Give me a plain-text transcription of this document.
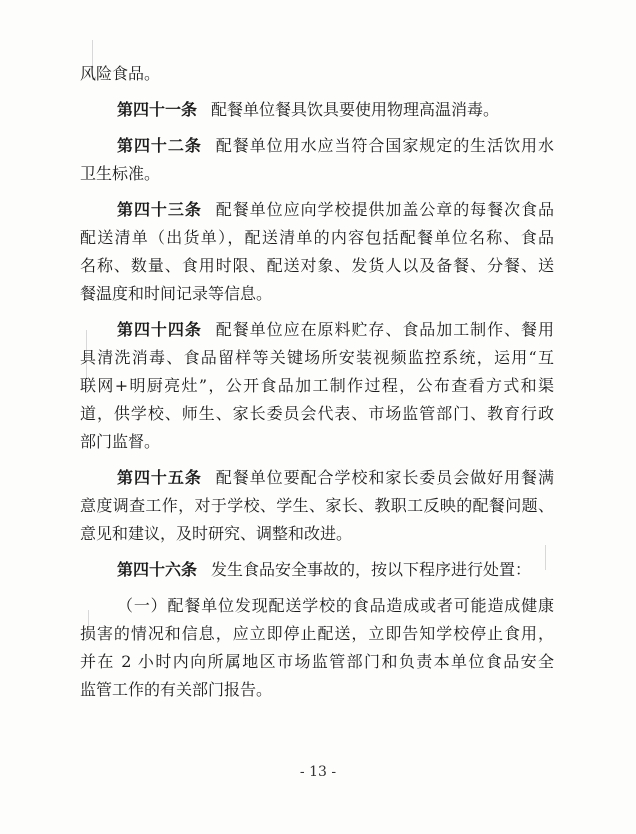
风险食品。
第四十一条 配餐单位餐具饮具要使用物理高温消毒。
第四十二条 配餐单位用水应当符合国家规定的生活饮用水
卫生标准。
第四十三条 配餐单位应向学校提供加盖公章的每餐次食品
配送清单（出货单），配送清单的内容包括配餐单位名称、食品
名称、数量、食用时限、配送对象、发货人以及备餐、分餐、送
餐温度和时间记录等信息。
第四十四条 配餐单位应在原料贮存、食品加工制作、餐用
具清洗消毒、食品留样等关键场所安装视频监控系统，运用“互
联网+明厨亮灶”，公开食品加工制作过程，公布查看方式和渠
道，供学校、师生、家长委员会代表、市场监管部门、教育行政
部门监督。
第四十五条 配餐单位要配合学校和家长委员会做好用餐满
意度调查工作，对于学校、学生、家长、教职工反映的配餐问题、
意见和建议，及时研究、调整和改进。
第四十六条 发生食品安全事故的，按以下程序进行处置：
（一）配餐单位发现配送学校的食品造成或者可能造成健康
损害的情况和信息，应立即停止配送，立即告知学校停止食用，
并在 2 小时内向所属地区市场监管部门和负责本单位食品安全
监管工作的有关部门报告。
- 13 -
